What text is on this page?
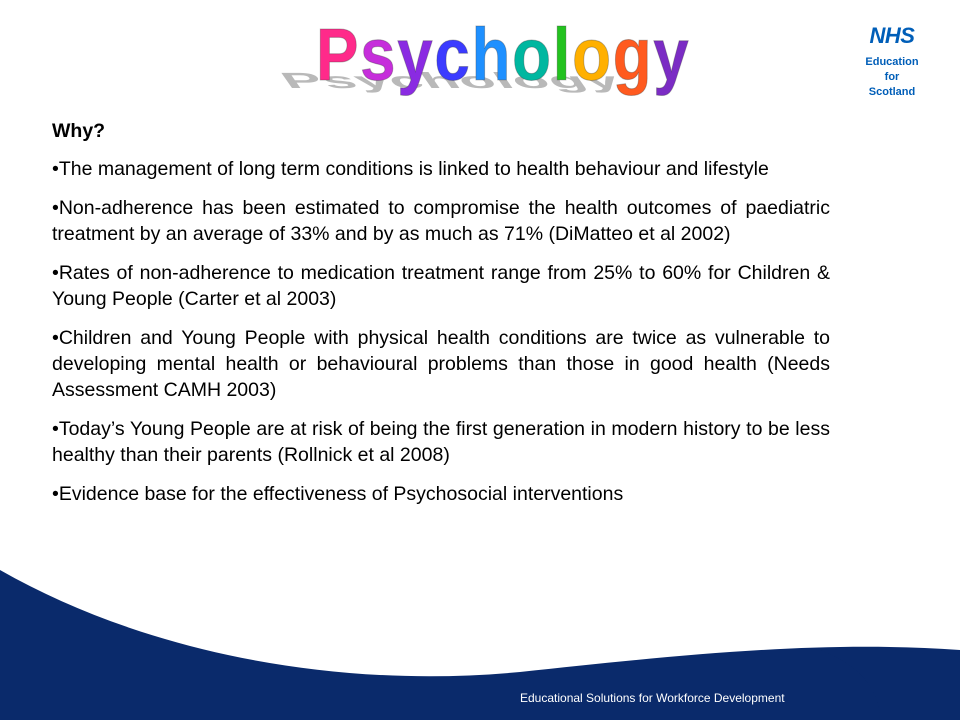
Psychology
Psychology	NHS
Education
for
Scotland
Why?
•The management of long term conditions is linked to health behaviour and lifestyle
•Non-adherence has been estimated to compromise the health outcomes of paediatric treatment by an average of 33% and by as much as 71% (DiMatteo et al 2002)
•Rates of non-adherence to medication treatment range from 25% to 60% for Children & Young People (Carter et al 2003)
•Children and Young People with physical health conditions are twice as vulnerable to developing mental health or behavioural problems than those in good health (Needs Assessment CAMH 2003)
•Today’s Young People are at risk of being the first generation in modern history to be less healthy than their parents (Rollnick et al 2008)
•Evidence base for the effectiveness of Psychosocial interventions
Educational Solutions for Workforce Development
